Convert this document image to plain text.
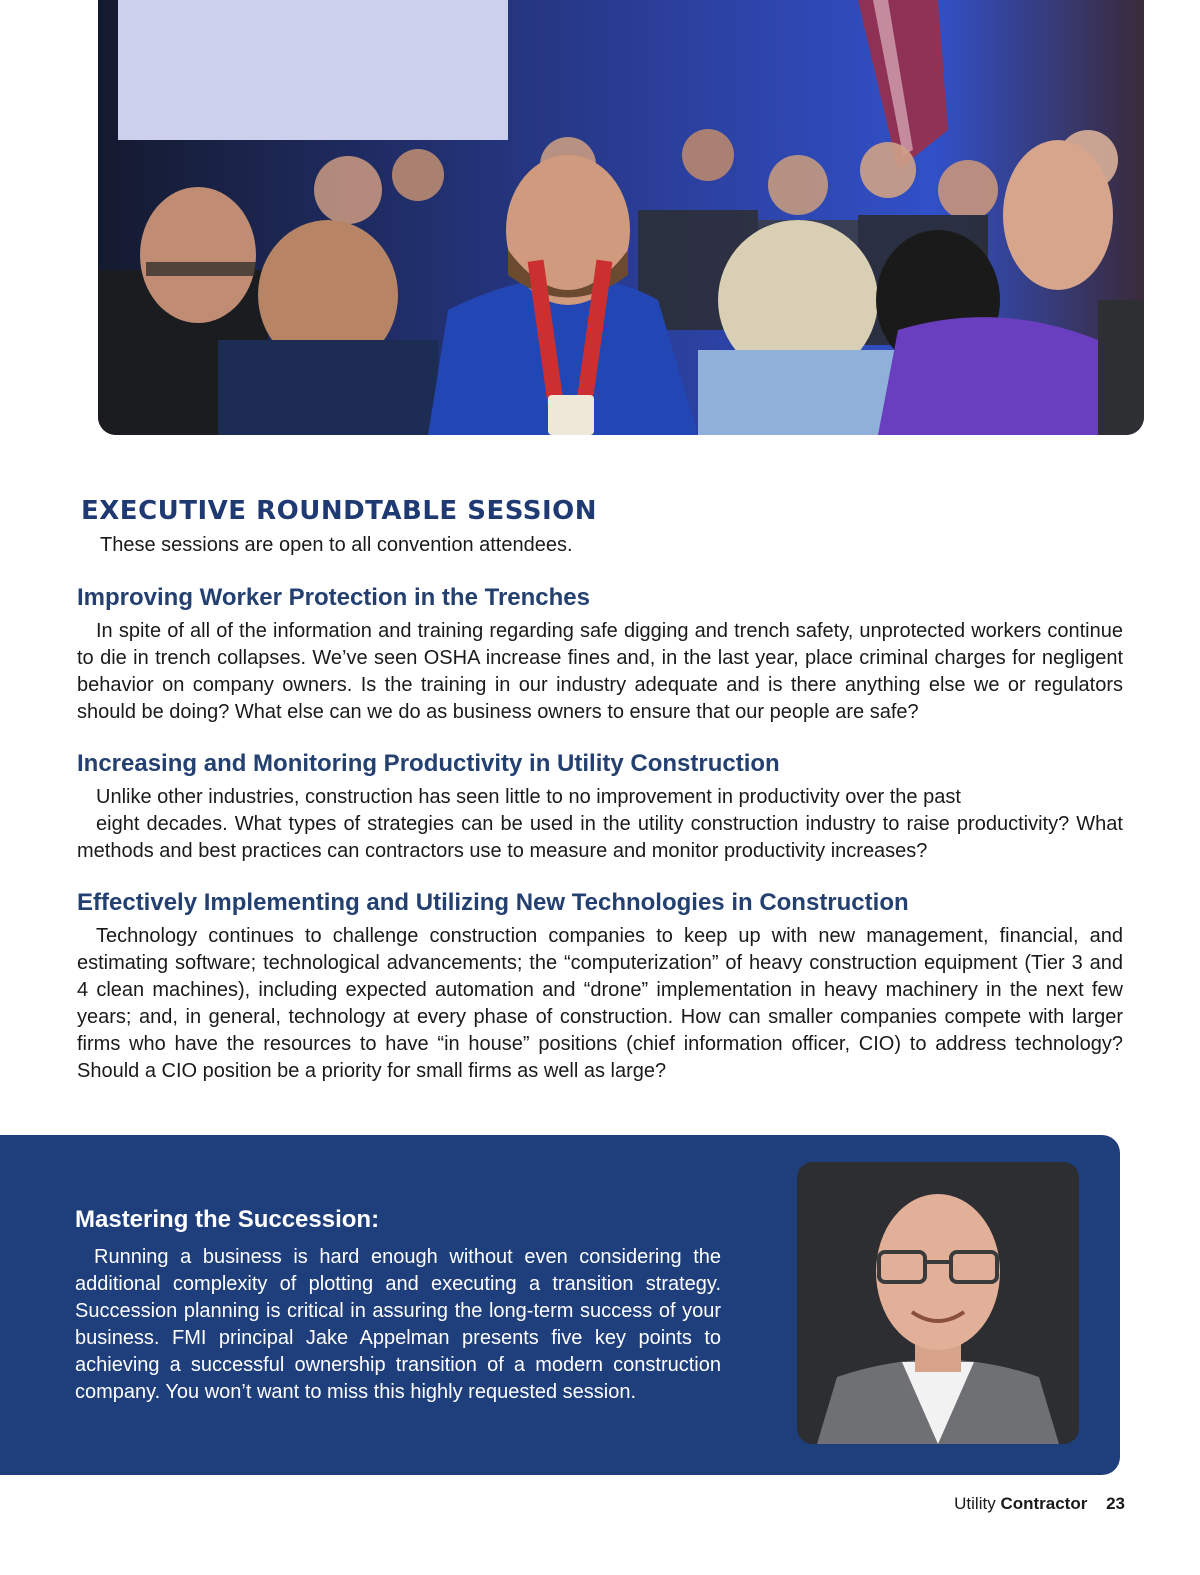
EXECUTIVE ROUNDTABLE SESSION

These sessions are open to all convention attendees.

Improving Worker Protection in the Trenches

In spite of all of the information and training regarding safe digging and trench safety, unprotected workers continue to die in trench collapses. We’ve seen OSHA increase fines and, in the last year, place criminal charges for negligent behavior on company owners. Is the training in our industry adequate and is there anything else we or regulators should be doing? What else can we do as business owners to ensure that our people are safe?

Increasing and Monitoring Productivity in Utility Construction

Unlike other industries, construction has seen little to no improvement in productivity over the past

eight decades. What types of strategies can be used in the utility construction industry to raise productivity? What methods and best practices can contractors use to measure and monitor productivity increases?

Effectively Implementing and Utilizing New Technologies in Construction

Technology continues to challenge construction companies to keep up with new management, financial, and estimating software; technological advancements; the “computerization” of heavy construction equipment (Tier 3 and 4 clean machines), including expected automation and “drone” implementation in heavy machinery in the next few years; and, in general, technology at every phase of construction. How can smaller companies compete with larger firms who have the resources to have “in house” positions (chief information officer, CIO) to address technology? Should a CIO position be a priority for small firms as well as large?

Mastering the Succession:

Running a business is hard enough without even considering the additional complexity of plotting and executing a transition strategy. Succession planning is critical in assuring the long-term success of your business. FMI principal Jake Appelman presents five key points to achieving a successful ownership transition of a modern construction company. You won’t want to miss this highly requested session.

Utility Contractor 23
